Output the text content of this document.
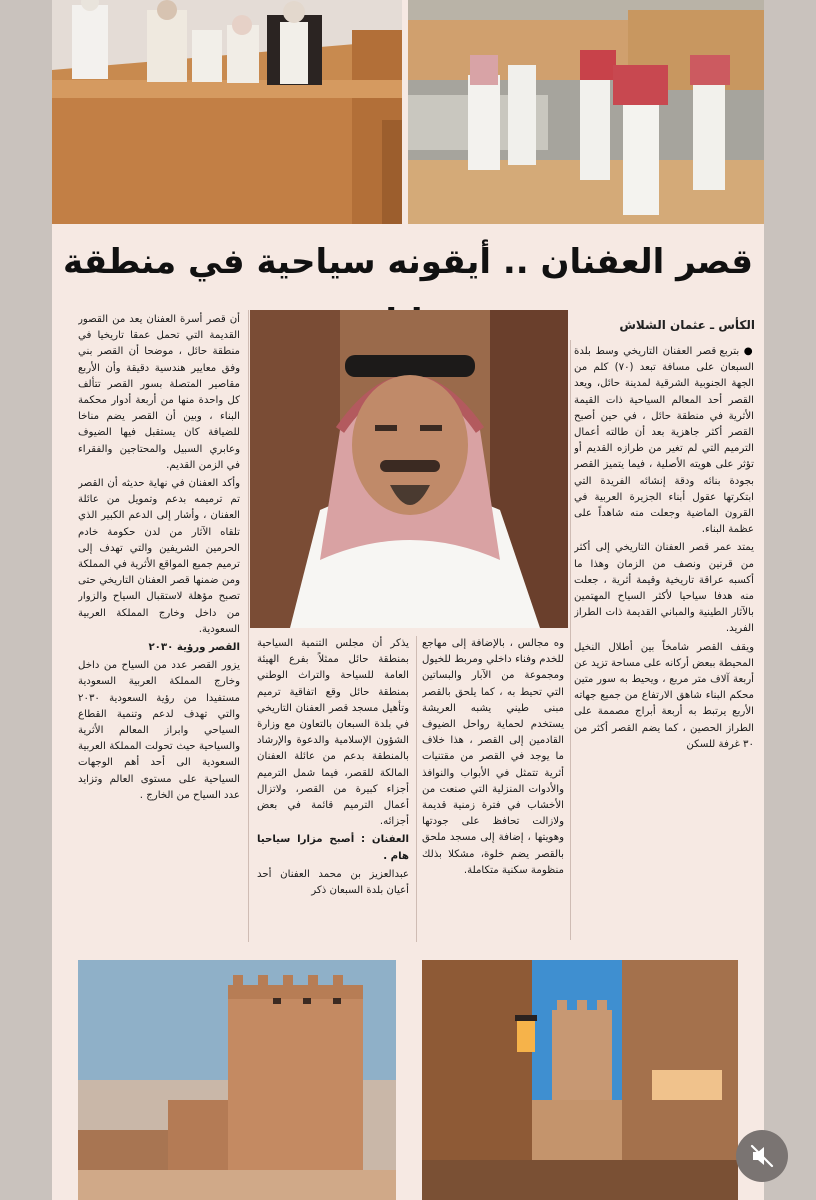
قصر العفنان .. أيقونه سياحية في منطقة
الكأس ـ عثمان الشلاش

● بتربع قصر العفنان التاريخي وسط بلدة السبعان على مسافة تبعد (٧٠) كلم من الجهة الجنوبية الشرقية لمدينة حائل، ويعد القصر أحد المعالم السياحية ذات القيمة الأثرية في منطقة حائل ، في حين أصبح القصر أكثر جاهزية بعد أن طالته أعمال الترميم التي لم تغير من طرازه القديم أو تؤثر على هويته الأصلية ، فيما يتميز القصر بجودة بنائه ودقة إنشائه الفريدة التي ابتكرتها عقول أبناء الجزيرة العربية في القرون الماضية وجعلت منه شاهداً على عظمة البناء.

يمتد عمر قصر العفنان التاريخي إلى أكثر من قرنين ونصف من الزمان وهذا ما أكسبه عراقة تاريخية وقيمة أثرية ، جعلت منه هدفا سياحيا لأكثر السياح المهتمين بالآثار الطينية والمباني القديمة ذات الطراز الفريد.

ويقف القصر شامخاً بين أطلال النخيل المحيطة ببعض أركانه على مساحة تزيد عن أربعة آلاف متر مربع ، ويحيط به سور متين محكم البناء شاهق الارتفاع من جميع جهاته الأربع يرتبط به أربعة أبراج مصممة على الطراز الحصين ، كما يضم القصر أكثر من ٣٠ غرفة للسكن

وه مجالس ، بالإضافة إلى مهاجع للخدم وفناء داخلي ومربط للخيول ومجموعة من الآبار والبساتين التي تحيط به ، كما يلحق بالقصر مبنى طيني يشبه العريشة يستخدم لحماية رواحل الضيوف القادمين إلى القصر ، هذا خلاف ما يوجد في القصر من مقتنيات أثرية تتمثل في الأبواب والنوافذ والأدوات المنزلية التي صنعت من الأخشاب في فترة زمنية قديمة ولازالت تحافظ على جودتها وهويتها ، إضافة إلى مسجد ملحق بالقصر يضم خلوة، مشكلا بذلك منظومة سكنية متكاملة.

يذكر أن مجلس التنمية السياحية بمنطقة حائل ممثلاً بفرع الهيئة العامة للسياحة والتراث الوطني بمنطقة حائل وقع اتفاقية ترميم وتأهيل مسجد قصر العفنان التاريخي في بلدة السبعان بالتعاون مع وزارة الشؤون الإسلامية والدعوة والإرشاد بالمنطقة بدعم من عائلة العفنان المالكة للقصر، فيما شمل الترميم أجزاء كبيرة من القصر، ولاتزال أعمال الترميم قائمة في بعض أجزائه.

العفنان : أصبح مزارا سياحيا هام .

عبدالعزيز بن محمد العفنان أحد أعيان بلدة السبعان ذكر

أن قصر أسرة العفنان يعد من القصور القديمة التي تحمل عمقا تاريخيا في منطقة حائل ، موضحا أن القصر بني وفق معايير هندسية دقيقة وأن الأربع مقاصير المتصلة بسور القصر تتألف كل واحدة منها من أربعة أدوار محكمة البناء ، وبين أن القصر يضم مناخا للضيافة كان يستقبل فيها الضيوف وعابري السبيل والمحتاجين والفقراء في الزمن القديم.

وأكد العفنان في نهاية حديثه أن القصر تم ترميمه بدعم وتمويل من عائلة العفنان ، وأشار إلى الدعم الكبير الذي تلقاه الآثار من لدن حكومة خادم الحرمين الشريفين والتي تهدف إلى ترميم جميع المواقع الأثرية في المملكة ومن ضمنها قصر العفنان التاريخي حتى تصبح مؤهلة لاستقبال السياح والزوار من داخل وخارج المملكة العربية السعودية.

القصر ورؤية ٢٠٣٠

يزور القصر عدد من السياح من داخل وخارج المملكة العربية السعودية مستفيدا من رؤية السعودية ٢٠٣٠ والتي تهدف لدعم وتنمية القطاع السياحي وابراز المعالم الأثرية والسياحية حيث تحولت المملكة العربية السعودية الى أحد أهم الوجهات السياحية على مستوى العالم وتزايد عدد السياح من الخارج .
